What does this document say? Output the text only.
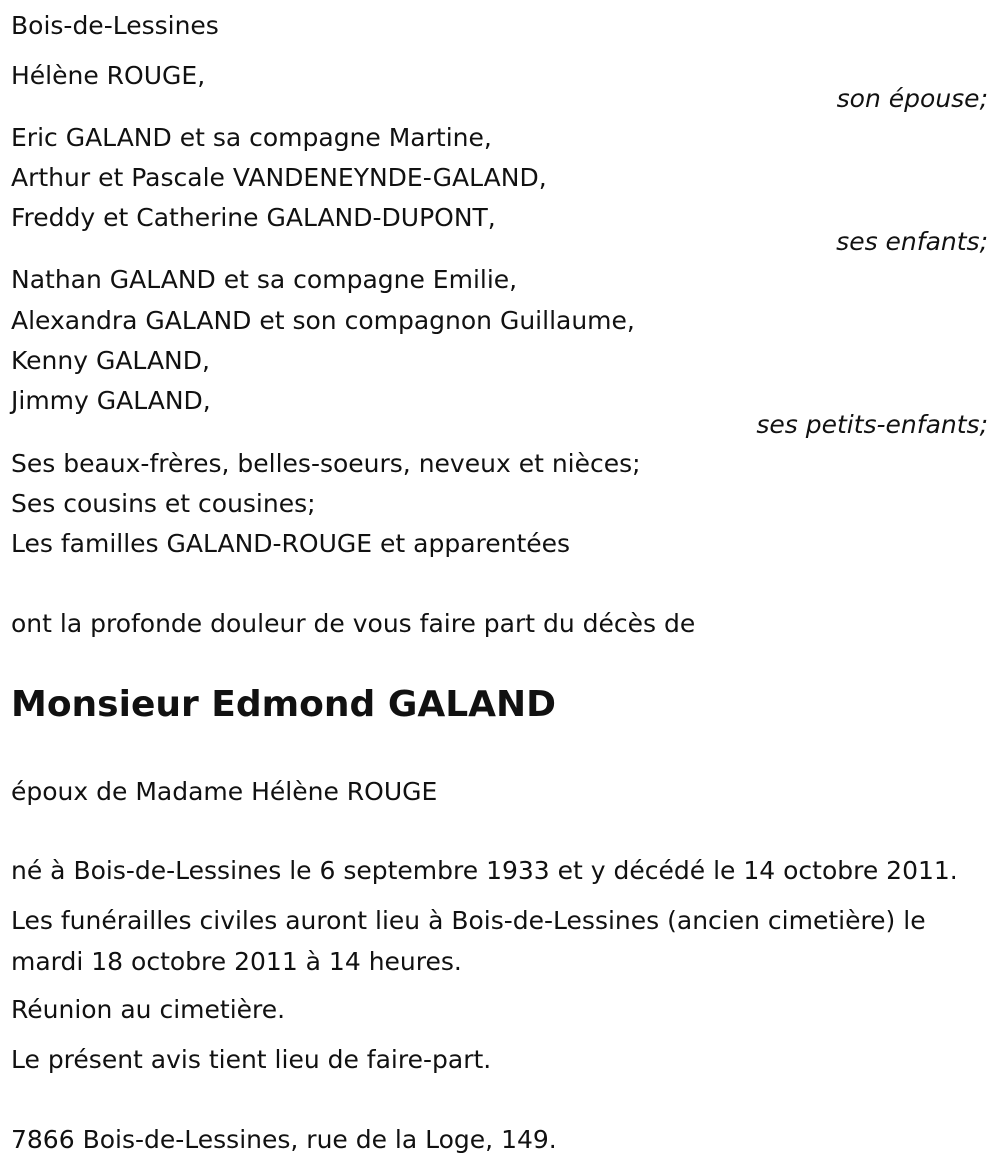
Bois-de-Lessines

Hélène ROUGE,

son épouse;

Eric GALAND et sa compagne Martine,

Arthur et Pascale VANDENEYNDE-GALAND,

Freddy et Catherine GALAND-DUPONT,

ses enfants;

Nathan GALAND et sa compagne Emilie,

Alexandra GALAND et son compagnon Guillaume,

Kenny GALAND,

Jimmy GALAND,

ses petits-enfants;

Ses beaux-frères, belles-soeurs, neveux et nièces;

Ses cousins et cousines;

Les familles GALAND-ROUGE et apparentées

ont la profonde douleur de vous faire part du décès de

Monsieur Edmond GALAND

époux de Madame Hélène ROUGE

né à Bois-de-Lessines le 6 septembre 1933 et y décédé le 14 octobre 2011.

Les funérailles civiles auront lieu à Bois-de-Lessines (ancien cimetière) le

mardi 18 octobre 2011 à 14 heures.

Réunion au cimetière.

Le présent avis tient lieu de faire-part.

7866 Bois-de-Lessines, rue de la Loge, 149.
